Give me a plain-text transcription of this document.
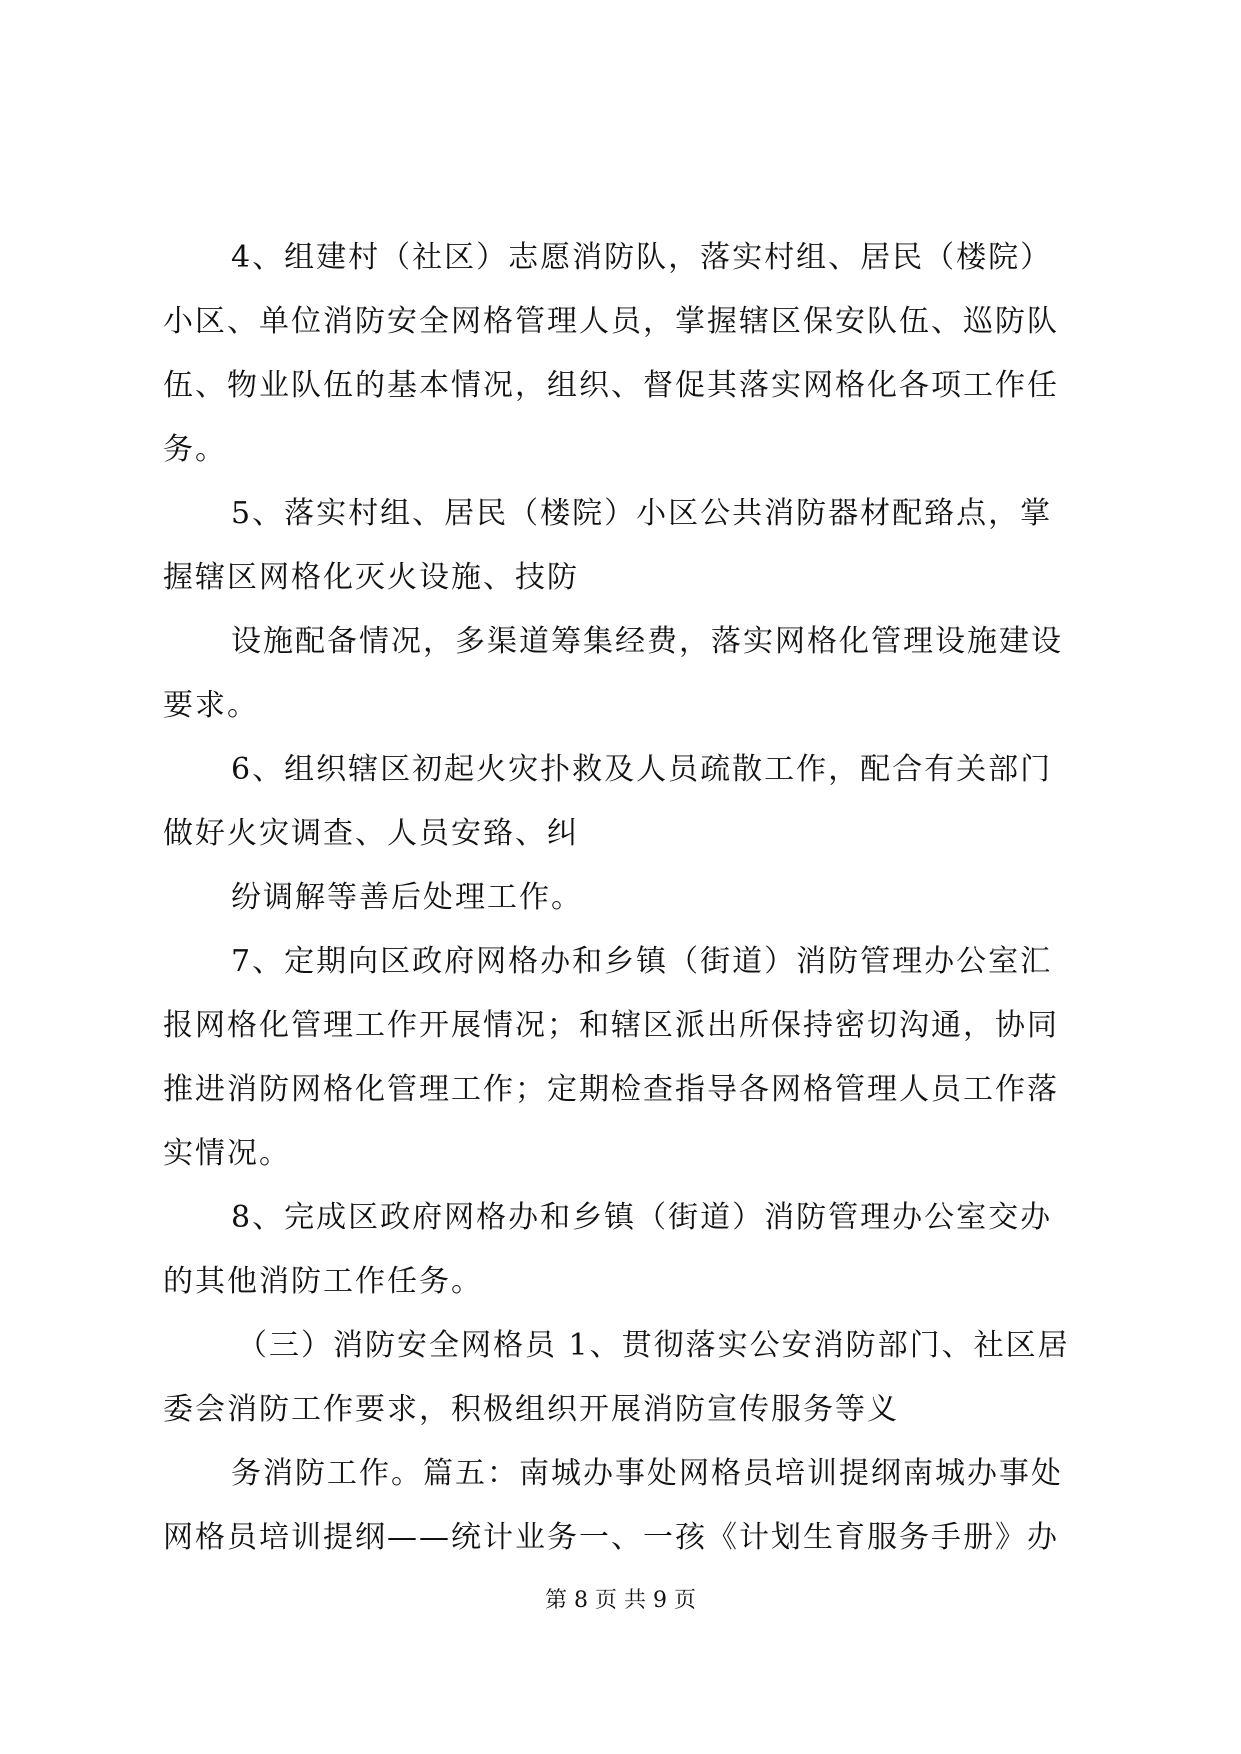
4、组建村（社区）志愿消防队，落实村组、居民（楼院）
小区、单位消防安全网格管理人员，掌握辖区保安队伍、巡防队
伍、物业队伍的基本情况，组织、督促其落实网格化各项工作任
务。
5、落实村组、居民（楼院）小区公共消防器材配臵点，掌
握辖区网格化灭火设施、技防
设施配备情况，多渠道筹集经费，落实网格化管理设施建设
要求。
6、组织辖区初起火灾扑救及人员疏散工作，配合有关部门
做好火灾调查、人员安臵、纠
纷调解等善后处理工作。
7、定期向区政府网格办和乡镇（街道）消防管理办公室汇
报网格化管理工作开展情况；和辖区派出所保持密切沟通，协同
推进消防网格化管理工作；定期检查指导各网格管理人员工作落
实情况。
8、完成区政府网格办和乡镇（街道）消防管理办公室交办
的其他消防工作任务。
（三）消防安全网格员 1、贯彻落实公安消防部门、社区居
委会消防工作要求，积极组织开展消防宣传服务等义
务消防工作。篇五：南城办事处网格员培训提纲南城办事处
网格员培训提纲——统计业务一、一孩《计划生育服务手册》办
第 8 页 共 9 页
